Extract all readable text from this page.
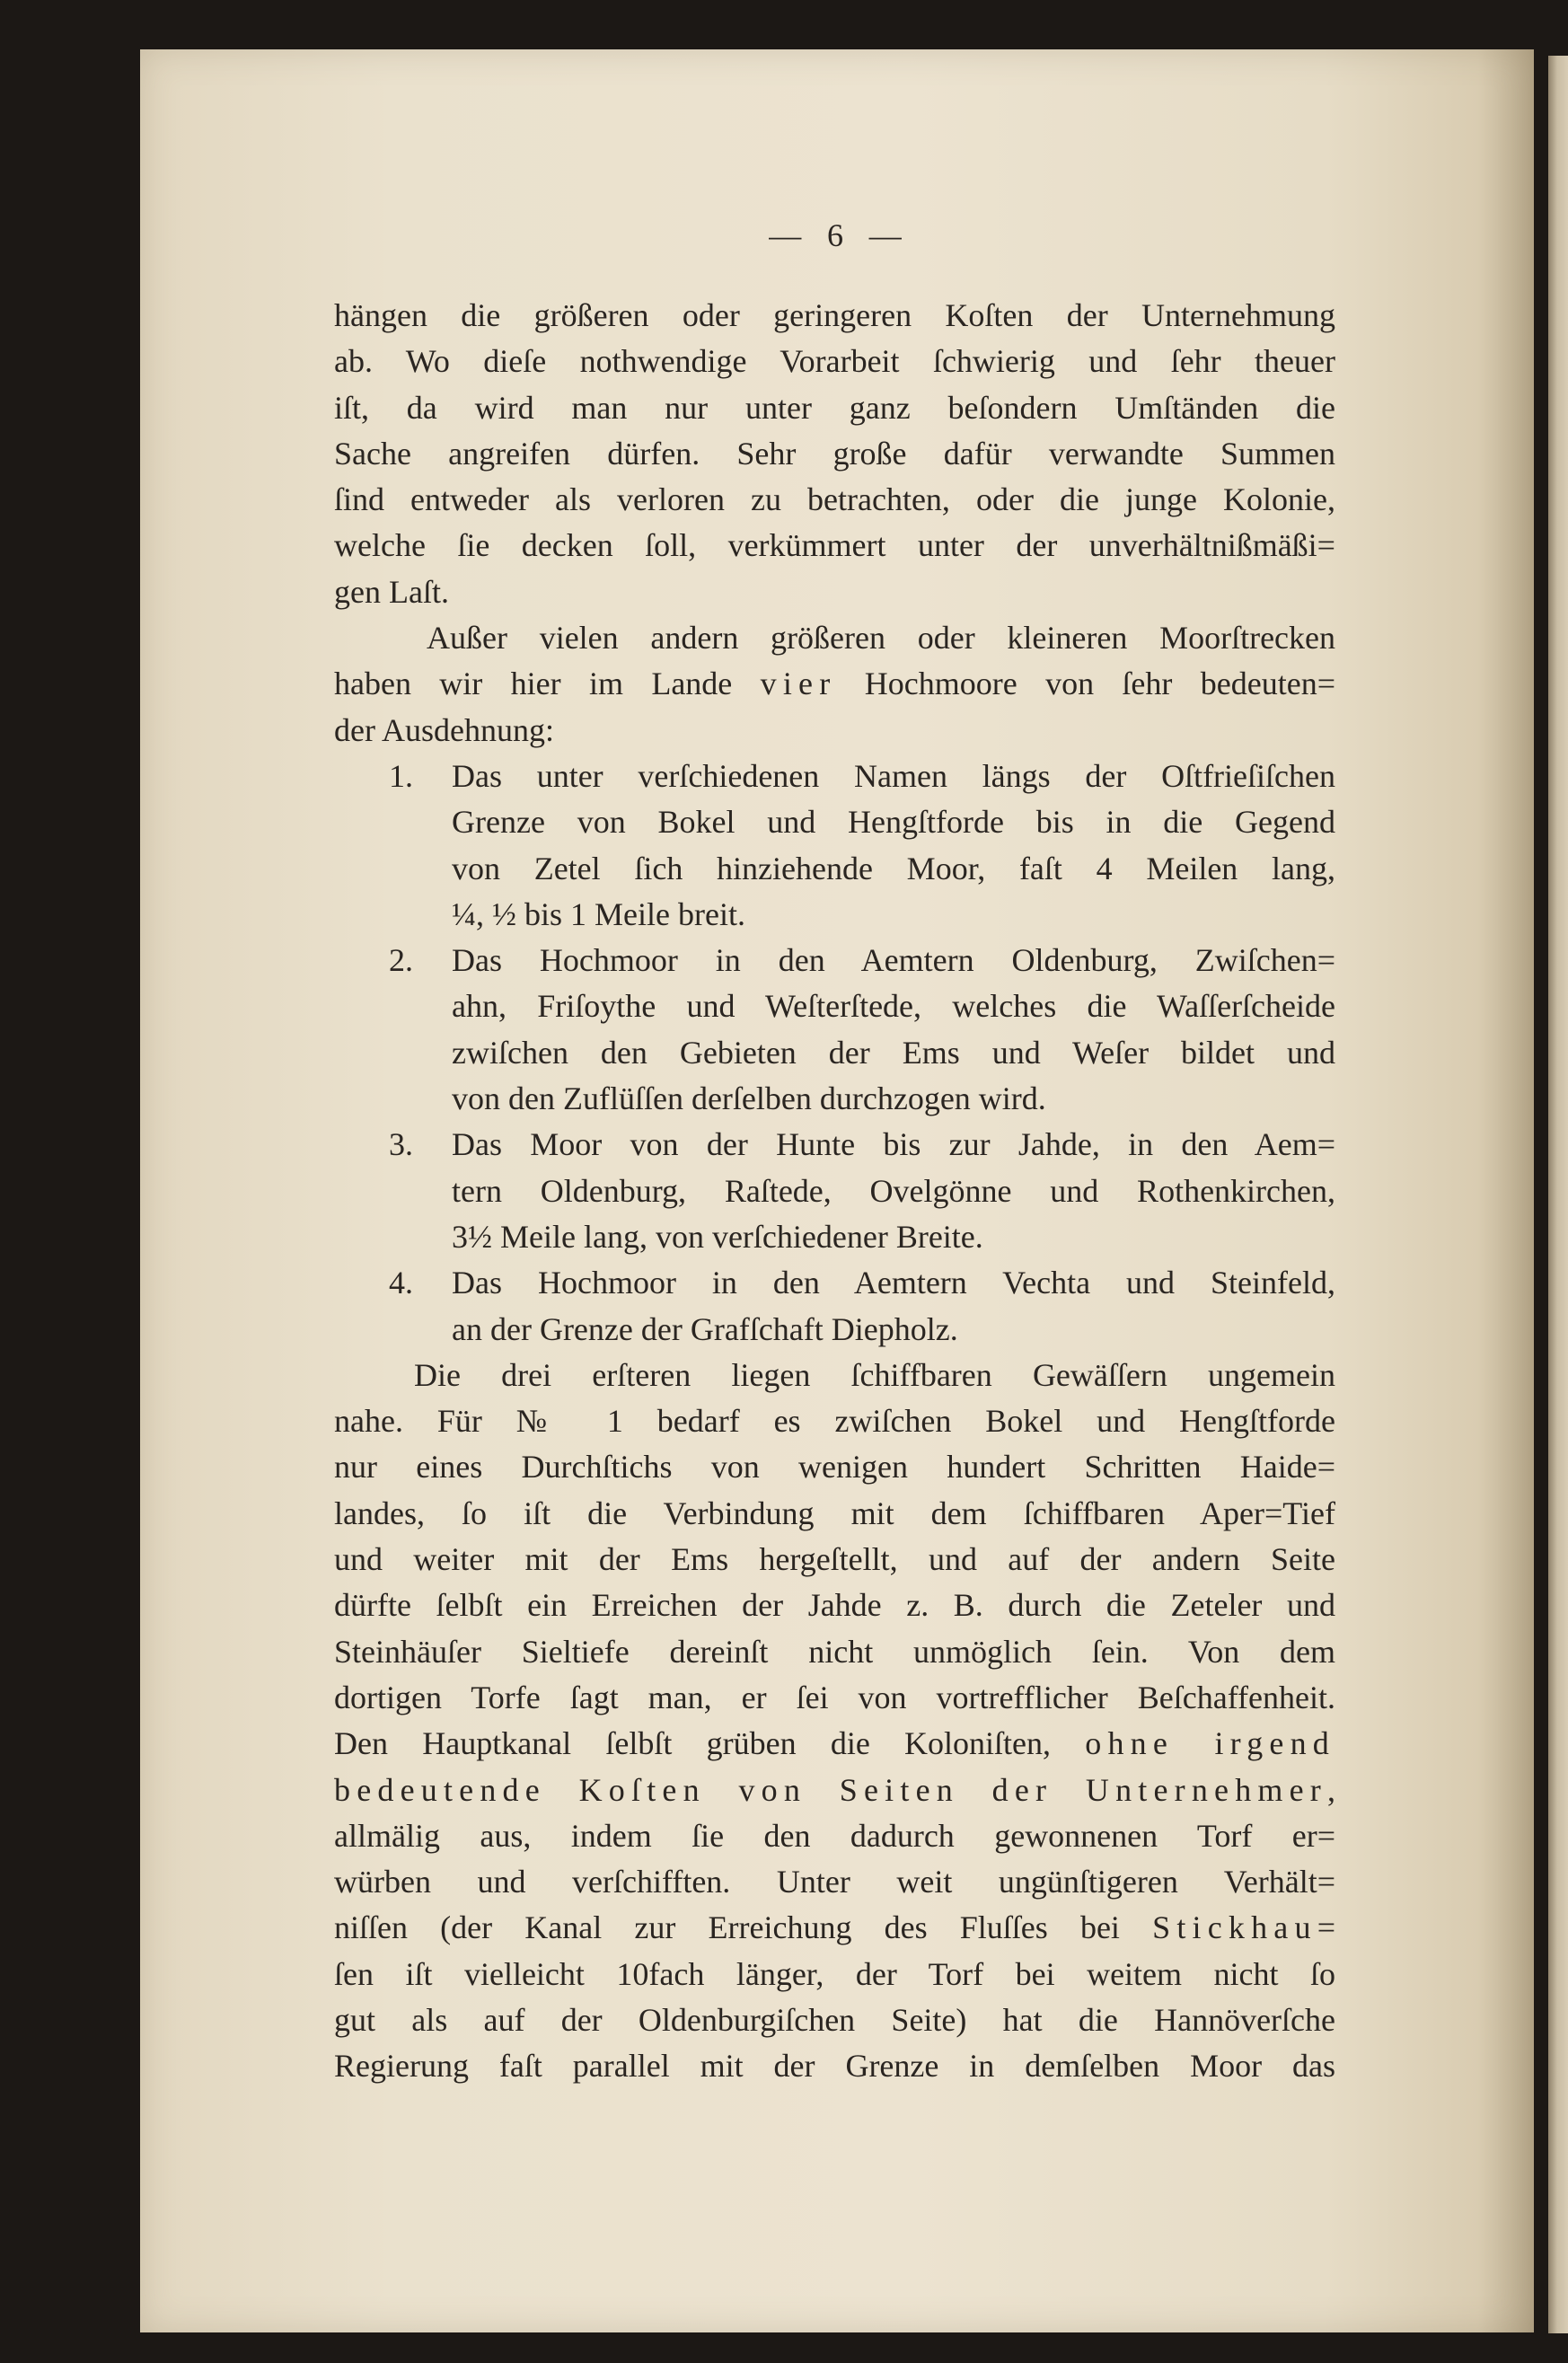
— 6 —
hängen die größeren oder geringeren Koſten der Unternehmung
ab. Wo dieſe nothwendige Vorarbeit ſchwierig und ſehr theuer
iſt, da wird man nur unter ganz beſondern Umſtänden die
Sache angreifen dürfen. Sehr große dafür verwandte Summen
ſind entweder als verloren zu betrachten, oder die junge Kolonie,
welche ſie decken ſoll, verkümmert unter der unverhältnißmäßi=
gen Laſt.
Außer vielen andern größeren oder kleineren Moorſtrecken
haben wir hier im Lande vier Hochmoore von ſehr bedeuten=
der Ausdehnung:
1. Das unter verſchiedenen Namen längs der Oſtfrieſiſchen
Grenze von Bokel und Hengſtforde bis in die Gegend
von Zetel ſich hinziehende Moor, faſt 4 Meilen lang,
¼, ½ bis 1 Meile breit.
2. Das Hochmoor in den Aemtern Oldenburg, Zwiſchen=
ahn, Friſoythe und Weſterſtede, welches die Waſſerſcheide
zwiſchen den Gebieten der Ems und Weſer bildet und
von den Zuflüſſen derſelben durchzogen wird.
3. Das Moor von der Hunte bis zur Jahde, in den Aem=
tern Oldenburg, Raſtede, Ovelgönne und Rothenkirchen,
3½ Meile lang, von verſchiedener Breite.
4. Das Hochmoor in den Aemtern Vechta und Steinfeld,
an der Grenze der Grafſchaft Diepholz.
Die drei erſteren liegen ſchiffbaren Gewäſſern ungemein
nahe. Für № 1 bedarf es zwiſchen Bokel und Hengſtforde
nur eines Durchſtichs von wenigen hundert Schritten Haide=
landes, ſo iſt die Verbindung mit dem ſchiffbaren Aper=Tief
und weiter mit der Ems hergeſtellt, und auf der andern Seite
dürfte ſelbſt ein Erreichen der Jahde z. B. durch die Zeteler und
Steinhäuſer Sieltiefe dereinſt nicht unmöglich ſein. Von dem
dortigen Torfe ſagt man, er ſei von vortrefflicher Beſchaffenheit.
Den Hauptkanal ſelbſt grüben die Koloniſten, ohne irgend
bedeutende Koſten von Seiten der Unternehmer,
allmälig aus, indem ſie den dadurch gewonnenen Torf er=
würben und verſchifften. Unter weit ungünſtigeren Verhält=
niſſen (der Kanal zur Erreichung des Fluſſes bei Stickhau=
ſen iſt vielleicht 10fach länger, der Torf bei weitem nicht ſo
gut als auf der Oldenburgiſchen Seite) hat die Hannöverſche
Regierung faſt parallel mit der Grenze in demſelben Moor das
